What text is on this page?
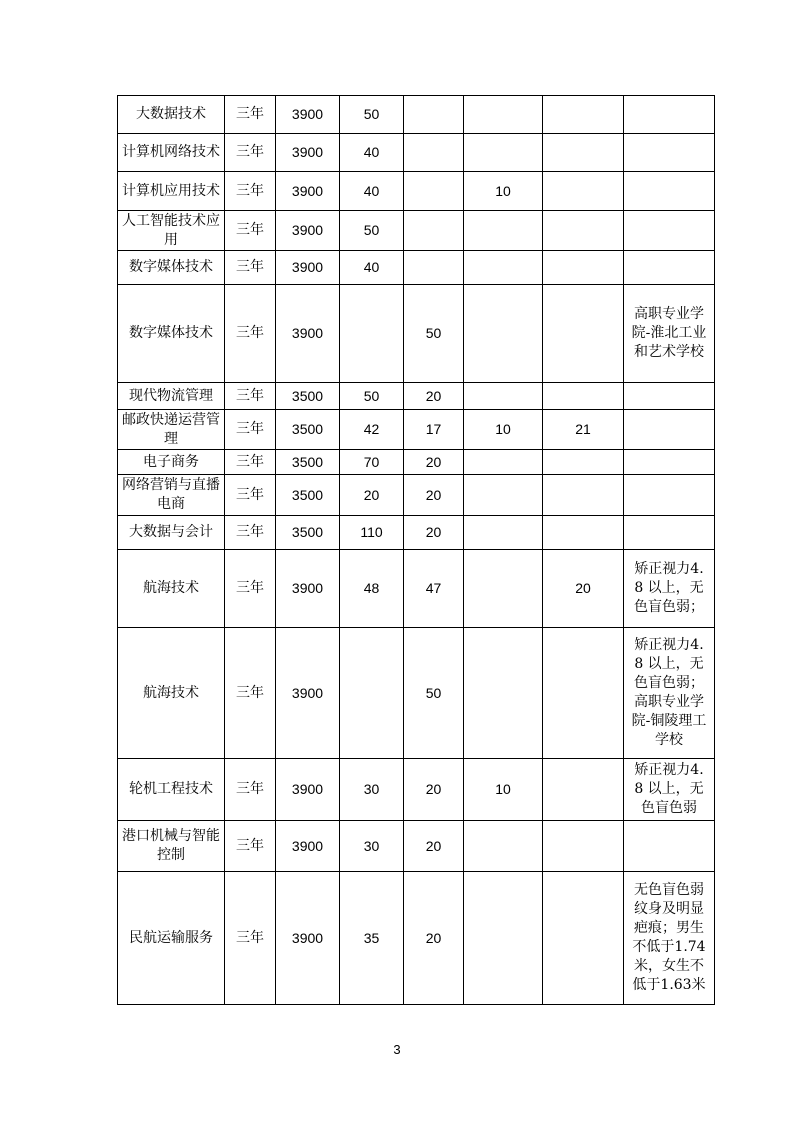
大数据技术	三年	3900	50				
计算机网络技术	三年	3900	40				
计算机应用技术	三年	3900	40		10		
人工智能技术应用	三年	3900	50				
数字媒体技术	三年	3900	40				
数字媒体技术	三年	3900		50			高职专业学院-淮北工业和艺术学校
现代物流管理	三年	3500	50	20			
邮政快递运营管理	三年	3500	42	17	10	21	
电子商务	三年	3500	70	20			
网络营销与直播电商	三年	3500	20	20			
大数据与会计	三年	3500	110	20			
航海技术	三年	3900	48	47		20	矫正视力4.8 以上，无色盲色弱；
航海技术	三年	3900		50			矫正视力4.8 以上，无色盲色弱；高职专业学院-铜陵理工学校
轮机工程技术	三年	3900	30	20	10		矫正视力4.8 以上，无色盲色弱
港口机械与智能控制	三年	3900	30	20			
民航运输服务	三年	3900	35	20			无色盲色弱纹身及明显疤痕；男生不低于1.74米，女生不低于1.63米
3
